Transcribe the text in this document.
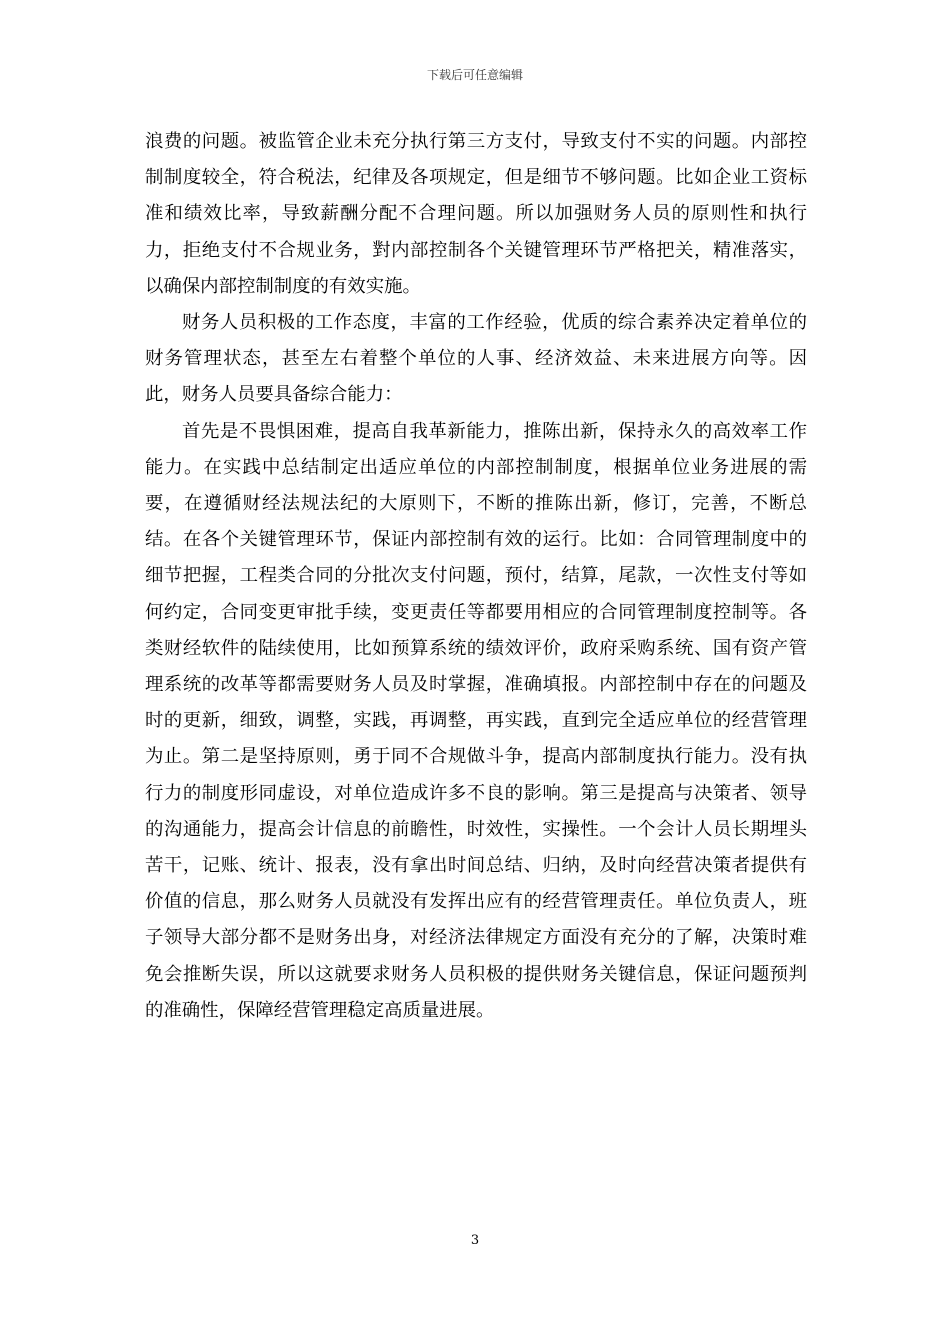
下载后可任意编辑

浪费的问题。被监管企业未充分执行第三方支付，导致支付不实的问题。内部控制制度较全，符合税法，纪律及各项规定，但是细节不够问题。比如企业工资标准和绩效比率，导致薪酬分配不合理问题。所以加强财务人员的原则性和执行力，拒绝支付不合规业务，對内部控制各个关键管理环节严格把关，精准落实，以确保内部控制制度的有效实施。

财务人员积极的工作态度，丰富的工作经验，优质的综合素养决定着单位的财务管理状态，甚至左右着整个单位的人事、经济效益、未来进展方向等。因此，财务人员要具备综合能力：

首先是不畏惧困难，提高自我革新能力，推陈出新，保持永久的高效率工作能力。在实践中总结制定出适应单位的内部控制制度，根据单位业务进展的需要，在遵循财经法规法纪的大原则下，不断的推陈出新，修订，完善，不断总结。在各个关键管理环节，保证内部控制有效的运行。比如：合同管理制度中的细节把握，工程类合同的分批次支付问题，预付，结算，尾款，一次性支付等如何约定，合同变更审批手续，变更责任等都要用相应的合同管理制度控制等。各类财经软件的陆续使用，比如预算系统的绩效评价，政府采购系统、国有资产管理系统的改革等都需要财务人员及时掌握，准确填报。内部控制中存在的问题及时的更新，细致，调整，实践，再调整，再实践，直到完全适应单位的经营管理为止。第二是坚持原则，勇于同不合规做斗争，提高内部制度执行能力。没有执行力的制度形同虚设，对单位造成许多不良的影响。第三是提高与决策者、领导的沟通能力，提高会计信息的前瞻性，时效性，实操性。一个会计人员长期埋头苦干，记账、统计、报表，没有拿出时间总结、归纳，及时向经营决策者提供有价值的信息，那么财务人员就没有发挥出应有的经营管理责任。单位负责人，班子领导大部分都不是财务出身，对经济法律规定方面没有充分的了解，决策时难免会推断失误，所以这就要求财务人员积极的提供财务关键信息，保证问题预判的准确性，保障经营管理稳定高质量进展。

3
